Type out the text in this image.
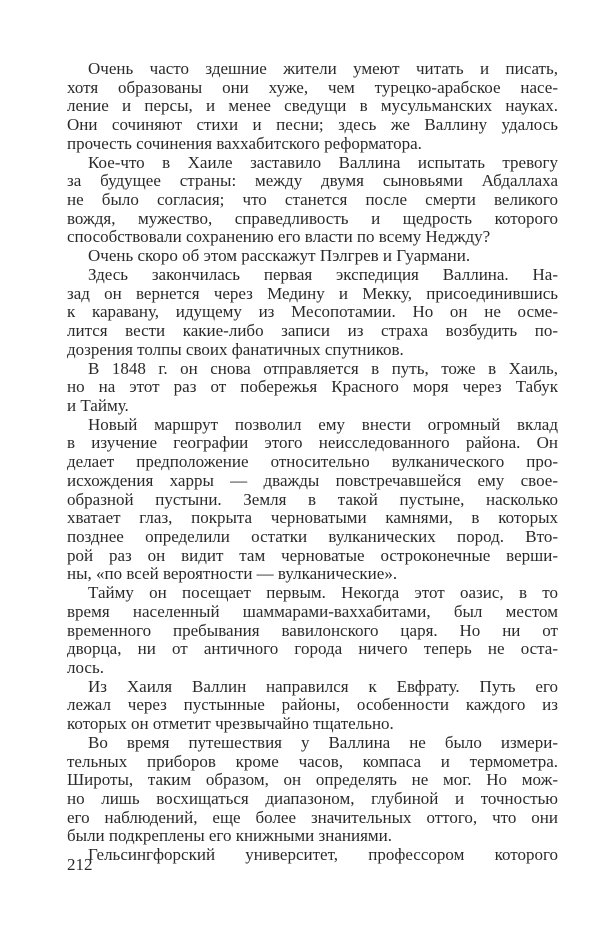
Очень часто здешние жители умеют читать и писать,
хотя образованы они хуже, чем турецко-арабское насе-
ление и персы, и менее сведущи в мусульманских науках.
Они сочиняют стихи и песни; здесь же Валлину удалось
прочесть сочинения ваххабитского реформатора.
Кое-что в Хаиле заставило Валлина испытать тревогу
за будущее страны: между двумя сыновьями Абдаллаха
не было согласия; что станется после смерти великого
вождя, мужество, справедливость и щедрость которого
способствовали сохранению его власти по всему Недждy?
Очень скоро об этом расскажут Пэлгрев и Гуармани.
Здесь закончилась первая экспедиция Валлина. На-
зад он вернется через Медину и Мекку, присоединившись
к каравану, идущему из Месопотамии. Но он не осме-
лится вести какие-либо записи из страха возбудить по-
дозрения толпы своих фанатичных спутников.
В 1848 г. он снова отправляется в путь, тоже в Хаиль,
но на этот раз от побережья Красного моря через Табук
и Тайму.
Новый маршрут позволил ему внести огромный вклад
в изучение географии этого неисследованного района. Он
делает предположение относительно вулканического про-
исхождения харры — дважды повстречавшейся ему свое-
образной пустыни. Земля в такой пустыне, насколько
хватает глаз, покрыта черноватыми камнями, в которых
позднее определили остатки вулканических пород. Вто-
рой раз он видит там черноватые остроконечные верши-
ны, «по всей вероятности — вулканические».
Тайму он посещает первым. Некогда этот оазис, в то
время населенный шаммарами-ваххабитами, был местом
временного пребывания вавилонского царя. Но ни от
дворца, ни от античного города ничего теперь не оста-
лось.
Из Хаиля Валлин направился к Евфрату. Путь его
лежал через пустынные районы, особенности каждого из
которых он отметит чрезвычайно тщательно.
Во время путешествия у Валлина не было измери-
тельных приборов кроме часов, компаса и термометра.
Широты, таким образом, он определять не мог. Но мож-
но лишь восхищаться диапазоном, глубиной и точностью
его наблюдений, еще более значительных оттого, что они
были подкреплены его книжными знаниями.
Гельсингфорский университет, профессором которого
212
